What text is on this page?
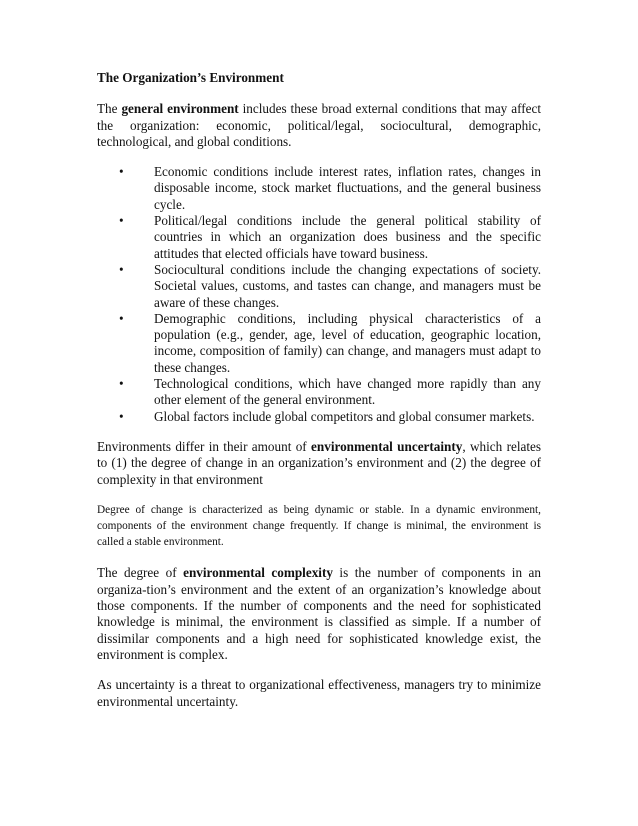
The Organization’s Environment

The general environment includes these broad external conditions that may affect the organization: economic, political/legal, sociocultural, demographic, technological, and global conditions.

• Economic conditions include interest rates, inflation rates, changes in disposable income, stock market fluctuations, and the general business cycle.
• Political/legal conditions include the general political stability of countries in which an organization does business and the specific attitudes that elected officials have toward business.
• Sociocultural conditions include the changing expectations of society. Societal values, customs, and tastes can change, and managers must be aware of these changes.
• Demographic conditions, including physical characteristics of a population (e.g., gender, age, level of education, geographic location, income, composition of family) can change, and managers must adapt to these changes.
• Technological conditions, which have changed more rapidly than any other element of the general environment.
• Global factors include global competitors and global consumer markets.

Environments differ in their amount of environmental uncertainty, which relates to (1) the degree of change in an organization’s environment and (2) the degree of complexity in that environment

Degree of change is characterized as being dynamic or stable. In a dynamic environment, components of the environment change frequently. If change is minimal, the environment is called a stable environment.

The degree of environmental complexity is the number of components in an organiza-tion’s environment and the extent of an organization’s knowledge about those components. If the number of components and the need for sophisticated knowledge is minimal, the environment is classified as simple. If a number of dissimilar components and a high need for sophisticated knowledge exist, the environment is complex.

As uncertainty is a threat to organizational effectiveness, managers try to minimize environmental uncertainty.
